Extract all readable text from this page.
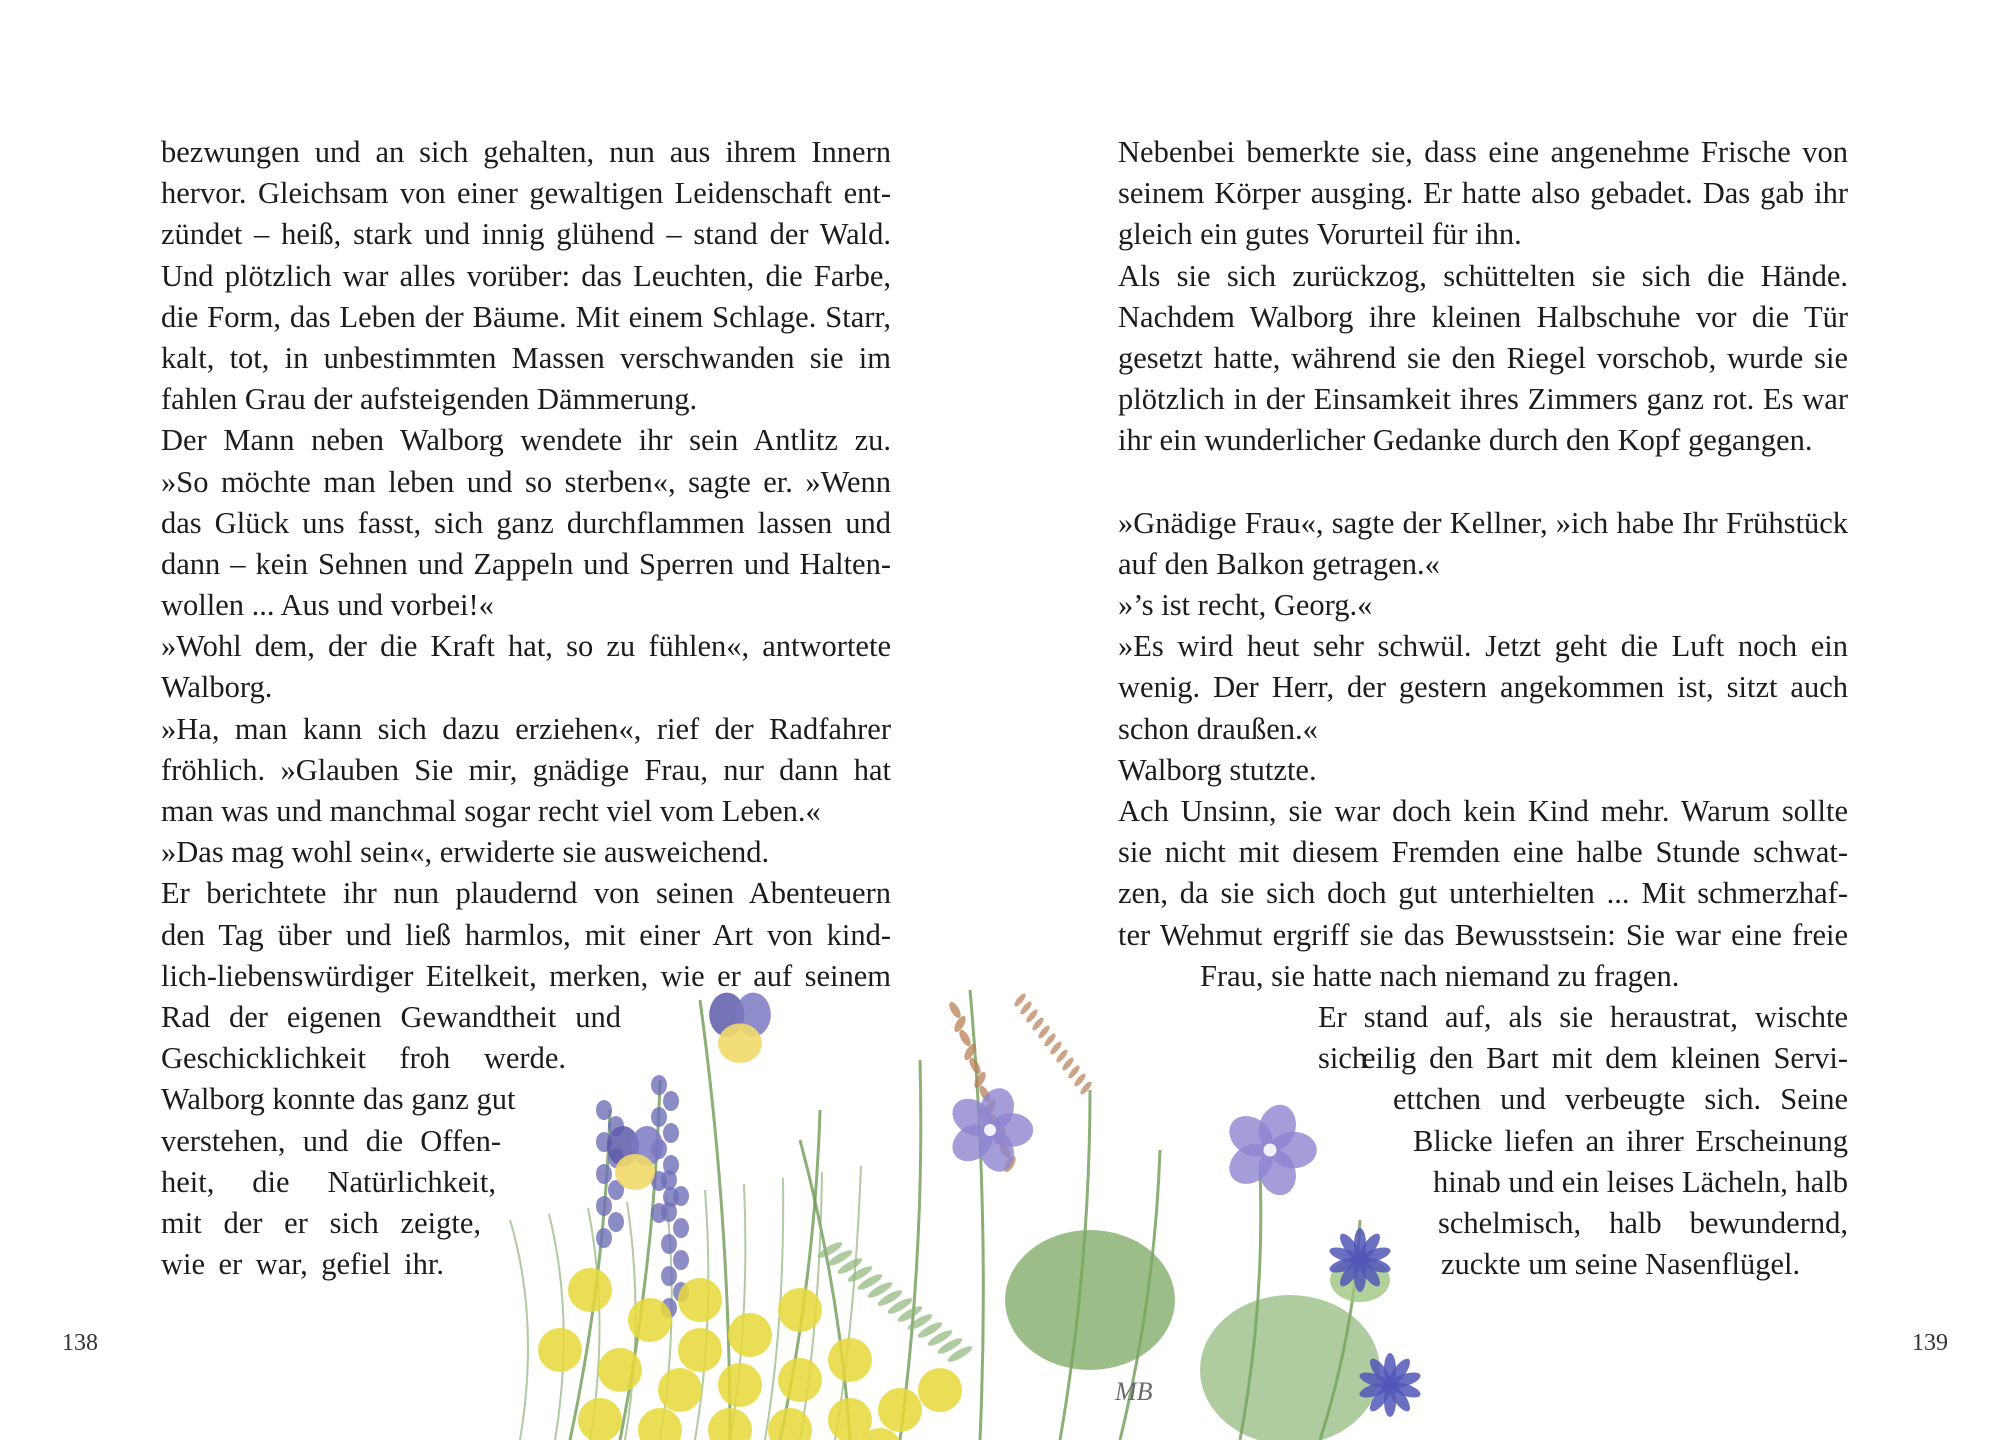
bezwungen und an sich gehalten, nun aus ihrem Innern
hervor. Gleichsam von einer gewaltigen Leidenschaft ent-
zündet – heiß, stark und innig glühend – stand der Wald.
Und plötzlich war alles vorüber: das Leuchten, die Farbe,
die Form, das Leben der Bäume. Mit einem Schlage. Starr,
kalt, tot, in unbestimmten Massen verschwanden sie im
fahlen Grau der aufsteigenden Dämmerung.
Der Mann neben Walborg wendete ihr sein Antlitz zu.
»So möchte man leben und so sterben«, sagte er. »Wenn
das Glück uns fasst, sich ganz durchflammen lassen und
dann – kein Sehnen und Zappeln und Sperren und Halten-
wollen ... Aus und vorbei!«
»Wohl dem, der die Kraft hat, so zu fühlen«, antwortete
Walborg.
»Ha, man kann sich dazu erziehen«, rief der Radfahrer
fröhlich. »Glauben Sie mir, gnädige Frau, nur dann hat
man was und manchmal sogar recht viel vom Leben.«
»Das mag wohl sein«, erwiderte sie ausweichend.
Er berichtete ihr nun plaudernd von seinen Abenteuern
den Tag über und ließ harmlos, mit einer Art von kind-
lich-liebenswürdiger Eitelkeit, merken, wie er auf seinem
Rad der eigenen Gewandtheit und
Geschicklichkeit froh werde.
Walborg konnte das ganz gut
verstehen, und die Offen-
heit, die Natürlichkeit,
mit der er sich zeigte,
wie er war, gefiel ihr.
Nebenbei bemerkte sie, dass eine angenehme Frische von
seinem Körper ausging. Er hatte also gebadet. Das gab ihr
gleich ein gutes Vorurteil für ihn.
Als sie sich zurückzog, schüttelten sie sich die Hände.
Nachdem Walborg ihre kleinen Halbschuhe vor die Tür
gesetzt hatte, während sie den Riegel vorschob, wurde sie
plötzlich in der Einsamkeit ihres Zimmers ganz rot. Es war
ihr ein wunderlicher Gedanke durch den Kopf gegangen.
»Gnädige Frau«, sagte der Kellner, »ich habe Ihr Frühstück
auf den Balkon getragen.«
»’s ist recht, Georg.«
»Es wird heut sehr schwül. Jetzt geht die Luft noch ein
wenig. Der Herr, der gestern angekommen ist, sitzt auch
schon draußen.«
Walborg stutzte.
Ach Unsinn, sie war doch kein Kind mehr. Warum sollte
sie nicht mit diesem Fremden eine halbe Stunde schwat-
zen, da sie sich doch gut unterhielten ... Mit schmerzhaf-
ter Wehmut ergriff sie das Bewusstsein: Sie war eine freie
Frau, sie hatte nach niemand zu fragen.
Er stand auf, als sie heraustrat, wischte sich
eilig den Bart mit dem kleinen Servi-
ettchen und verbeugte sich. Seine
Blicke liefen an ihrer Erscheinung
hinab und ein leises Lächeln, halb
schelmisch, halb bewundernd,
zuckte um seine Nasenflügel.
MB
138	139
